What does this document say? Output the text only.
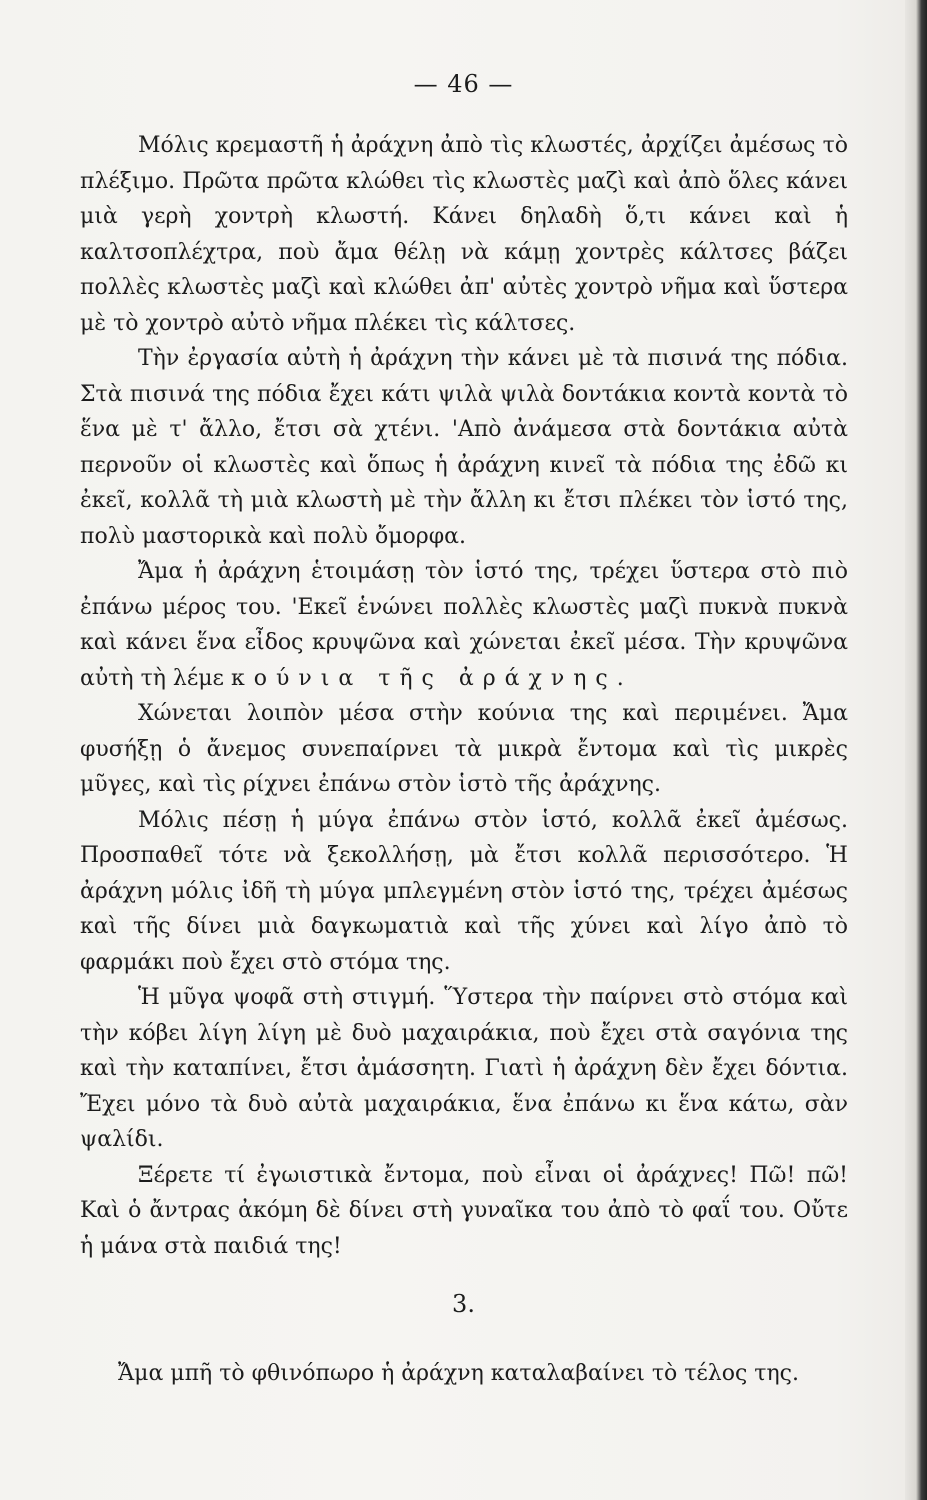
— 46 —

Μόλις κρεμαστῆ ἡ ἀράχνη ἀπὸ τὶς κλωστές, ἀρχίζει ἀμέσως τὸ πλέξιμο. Πρῶτα πρῶτα κλώθει τὶς κλωστὲς μαζὶ καὶ ἀπὸ ὅλες κάνει μιὰ γερὴ χοντρὴ κλωστή. Κάνει δηλαδὴ ὅ,τι κάνει καὶ ἡ καλτσοπλέχτρα, ποὺ ἄμα θέλῃ νὰ κάμῃ χοντρὲς κάλτσες βάζει πολλὲς κλωστὲς μαζὶ καὶ κλώθει ἀπ' αὐτὲς χοντρὸ νῆμα καὶ ὕστερα μὲ τὸ χοντρὸ αὐτὸ νῆμα πλέκει τὶς κάλτσες.

Τὴν ἐργασία αὐτὴ ἡ ἀράχνη τὴν κάνει μὲ τὰ πισινά της πόδια. Στὰ πισινά της πόδια ἔχει κάτι ψιλὰ ψιλὰ δοντάκια κοντὰ κοντὰ τὸ ἕνα μὲ τ' ἄλλο, ἔτσι σὰ χτένι. 'Απὸ ἀνάμεσα στὰ δοντάκια αὐτὰ περνοῦν οἱ κλωστὲς καὶ ὅπως ἡ ἀράχνη κινεῖ τὰ πόδια της ἐδῶ κι ἐκεῖ, κολλᾶ τὴ μιὰ κλωστὴ μὲ τὴν ἄλλη κι ἔτσι πλέκει τὸν ἱστό της, πολὺ μαστορικὰ καὶ πολὺ ὄμορφα.

Ἄμα ἡ ἀράχνη ἑτοιμάσῃ τὸν ἱστό της, τρέχει ὕστερα στὸ πιὸ ἐπάνω μέρος του. 'Εκεῖ ἑνώνει πολλὲς κλωστὲς μαζὶ πυκνὰ πυκνὰ καὶ κάνει ἕνα εἶδος κρυψῶνα καὶ χώνεται ἐκεῖ μέσα. Τὴν κρυψῶνα αὐτὴ τὴ λέμε κούνια τῆς ἀράχνης.

Χώνεται λοιπὸν μέσα στὴν κούνια της καὶ περιμένει. Ἄμα φυσήξῃ ὁ ἄνεμος συνεπαίρνει τὰ μικρὰ ἔντομα καὶ τὶς μικρὲς μῦγες, καὶ τὶς ρίχνει ἐπάνω στὸν ἱστὸ τῆς ἀράχνης.

Μόλις πέσῃ ἡ μύγα ἐπάνω στὸν ἱστό, κολλᾶ ἐκεῖ ἀμέσως. Προσπαθεῖ τότε νὰ ξεκολλήσῃ, μὰ ἔτσι κολλᾶ περισσότερο. Ἡ ἀράχνη μόλις ἰδῆ τὴ μύγα μπλεγμένη στὸν ἱστό της, τρέχει ἀμέσως καὶ τῆς δίνει μιὰ δαγκωματιὰ καὶ τῆς χύνει καὶ λίγο ἀπὸ τὸ φαρμάκι ποὺ ἔχει στὸ στόμα της.

Ἡ μῦγα ψοφᾶ στὴ στιγμή. Ὕστερα τὴν παίρνει στὸ στόμα καὶ τὴν κόβει λίγη λίγη μὲ δυὸ μαχαιράκια, ποὺ ἔχει στὰ σαγόνια της καὶ τὴν καταπίνει, ἔτσι ἀμάσσητη. Γιατὶ ἡ ἀράχνη δὲν ἔχει δόντια. Ἔχει μόνο τὰ δυὸ αὐτὰ μαχαιράκια, ἕνα ἐπάνω κι ἕνα κάτω, σὰν ψαλίδι.

Ξέρετε τί ἐγωιστικὰ ἔντομα, ποὺ εἶναι οἱ ἀράχνες! Πῶ! πῶ! Καὶ ὁ ἄντρας ἀκόμη δὲ δίνει στὴ γυναῖκα του ἀπὸ τὸ φαΐ του. Οὔτε ἡ μάνα στὰ παιδιά της!

3.
Ἄμα μπῆ τὸ φθινόπωρο ἡ ἀράχνη καταλαβαίνει τὸ τέλος της.
